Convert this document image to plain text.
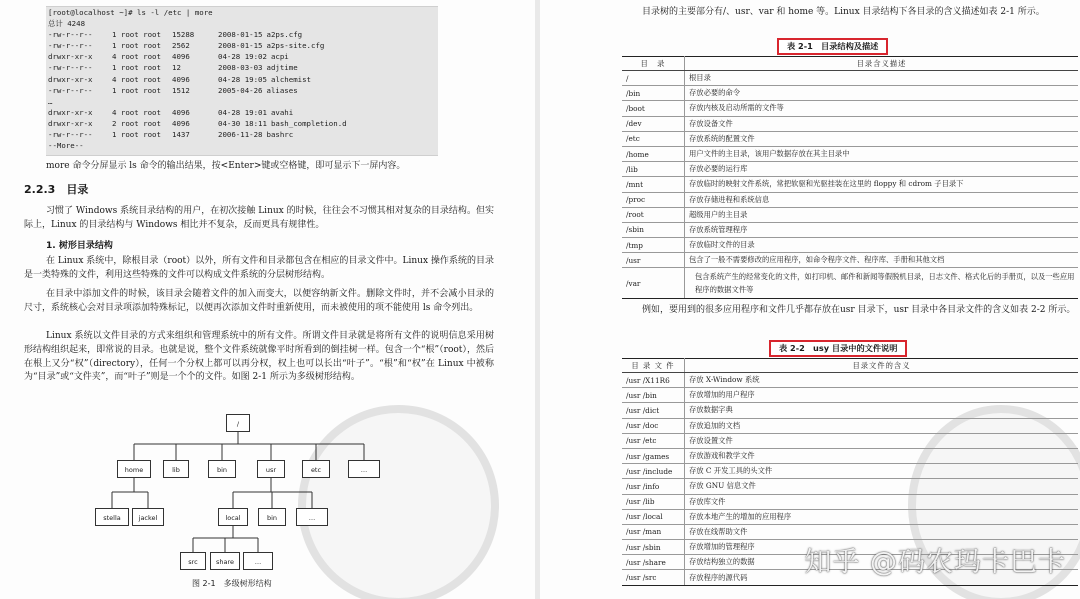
[root@localhost ~]# ls -l /etc | more
总计 4248
-rw-r--r--	1 root root	15288	2008-01-15 a2ps.cfg
-rw-r--r--	1 root root	2562	2008-01-15 a2ps-site.cfg
drwxr-xr-x	4 root root	4096	04-28 19:02 acpi
-rw-r--r--	1 root root	12	2008-03-03 adjtime
drwxr-xr-x	4 root root	4096	04-28 19:05 alchemist
-rw-r--r--	1 root root	1512	2005-04-26 aliases
…
drwxr-xr-x	4 root root	4096	04-28 19:01 avahi
drwxr-xr-x	2 root root	4096	04-30 18:11 bash_completion.d
-rw-r--r--	1 root root	1437	2006-11-28 bashrc
--More--

more 命令分屏显示 ls 命令的输出结果，按<Enter>键或空格键，即可显示下一屏内容。

2.2.3　目录

习惯了 Windows 系统目录结构的用户，在初次接触 Linux 的时候，往往会不习惯其相对复杂的目录结构。但实际上，Linux 的目录结构与 Windows 相比并不复杂，反而更具有规律性。

1. 树形目录结构

在 Linux 系统中，除根目录（root）以外，所有文件和目录都包含在相应的目录文件中。Linux 操作系统的目录是一类特殊的文件，利用这些特殊的文件可以构成文件系统的分层树形结构。

在目录中添加文件的时候，该目录会随着文件的加入而变大，以便容纳新文件。删除文件时，并不会减小目录的尺寸，系统核心会对目录项添加特殊标记，以便再次添加文件时重新使用，而未被使用的项不能使用 ls 命令列出。

Linux 系统以文件目录的方式来组织和管理系统中的所有文件。所谓文件目录就是将所有文件的说明信息采用树形结构组织起来，即常说的目录。也就是说，整个文件系统就像平时所看到的倒挂树一样。包含一个“根”（root），然后在根上又分“权”（directory），任何一个分权上都可以再分权，权上也可以长出“叶子”。“根”和“权”在 Linux 中被称为“目录”或“文件夹”，而“叶子”则是一个个的文件。如图 2-1 所示为多级树形结构。

/
home	lib	bin	usr	etc	…
stella	jackel	local	bin	…
src	share	…
图 2-1　多级树形结构

目录树的主要部分有/、usr、var 和 home 等。Linux 目录结构下各目录的含义描述如表 2-1 所示。

表 2-1　目录结构及描述
目　录	目录含义描述
/	根目录
/bin	存放必要的命令
/boot	存放内核及启动所需的文件等
/dev	存放设备文件
/etc	存放系统的配置文件
/home	用户文件的主目录，该用户数据存放在其主目录中
/lib	存放必要的运行库
/mnt	存放临时的映射文件系统，常把软驱和光驱挂装在这里的 floppy 和 cdrom 子目录下
/proc	存放存储进程和系统信息
/root	超级用户的主目录
/sbin	存放系统管理程序
/tmp	存放临时文件的目录
/usr	包含了一般不需要修改的应用程序，如命令程序文件、程序库、手册和其他文档
/var	包含系统产生的经常变化的文件，如打印机、邮件和新闻等假脱机目录，日志文件、格式化后的手册页，以及一些应用程序的数据文件等

例如，要用到的很多应用程序和文件几乎都存放在usr 目录下，usr 目录中各目录文件的含义如表 2-2 所示。

表 2-2　usy 目录中的文件说明
目 录 文 件	目录文件的含义
/usr /X11R6	存放 X-Window 系统
/usr /bin	存放增加的用户程序
/usr /dict	存放数据字典
/usr /doc	存放追加的文档
/usr /etc	存放设置文件
/usr /games	存放游戏和教学文件
/usr /include	存放 C 开发工具的头文件
/usr /info	存放 GNU 信息文件
/usr /lib	存放库文件
/usr /local	存放本地产生的增加的应用程序
/usr /man	存放在线帮助文件
/usr /sbin	存放增加的管理程序
/usr /share	存放结构独立的数据
/usr /src	存放程序的源代码 知乎 @码农玛卡巴卡
